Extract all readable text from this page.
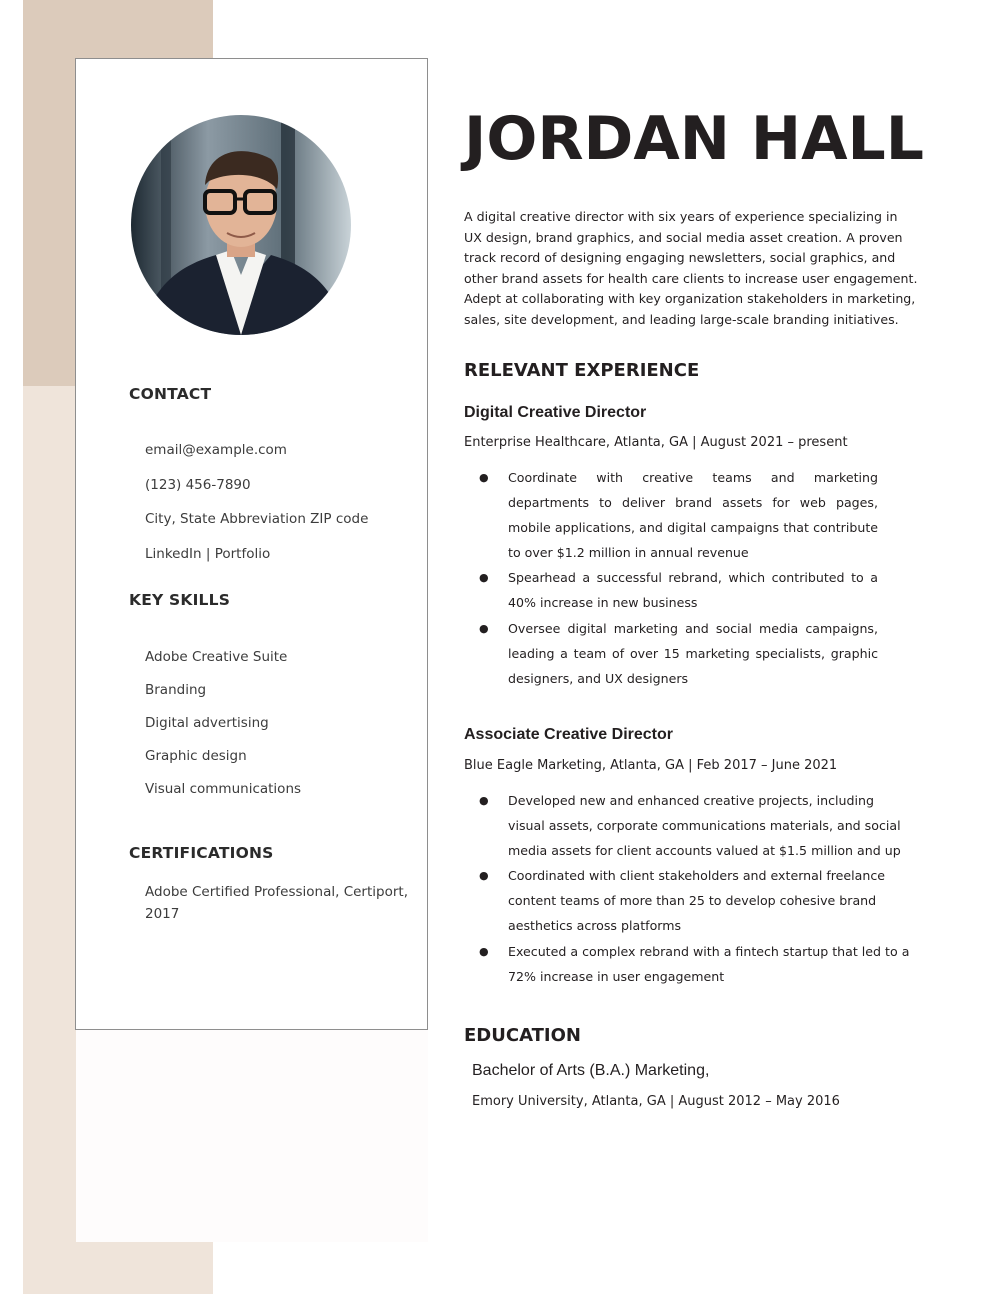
CONTACT
email@example.com
(123) 456-7890
City, State Abbreviation ZIP code
LinkedIn | Portfolio
KEY SKILLS
Adobe Creative Suite
Branding
Digital advertising
Graphic design
Visual communications
CERTIFICATIONS

Adobe Certified Professional, Certiport, 2017

JORDAN HALL

A digital creative director with six years of experience specializing in UX design, brand graphics, and social media asset creation. A proven track record of designing engaging newsletters, social graphics, and other brand assets for health care clients to increase user engagement. Adept at collaborating with key organization stakeholders in marketing, sales, site development, and leading large-scale branding initiatives.

RELEVANT EXPERIENCE
Digital Creative Director

Enterprise Healthcare, Atlanta, GA | August 2021 – present

● Coordinate with creative teams and marketing departments to deliver brand assets for web pages, mobile applications, and digital campaigns that contribute to over $1.2 million in annual revenue
● Spearhead a successful rebrand, which contributed to a 40% increase in new business
● Oversee digital marketing and social media campaigns, leading a team of over 15 marketing specialists, graphic designers, and UX designers
Associate Creative Director

Blue Eagle Marketing, Atlanta, GA | Feb 2017 – June 2021

● Developed new and enhanced creative projects, including visual assets, corporate communications materials, and social media assets for client accounts valued at $1.5 million and up
● Coordinated with client stakeholders and external freelance content teams of more than 25 to develop cohesive brand aesthetics across platforms
● Executed a complex rebrand with a fintech startup that led to a 72% increase in user engagement
EDUCATION

Bachelor of Arts (B.A.) Marketing,

Emory University, Atlanta, GA | August 2012 – May 2016
